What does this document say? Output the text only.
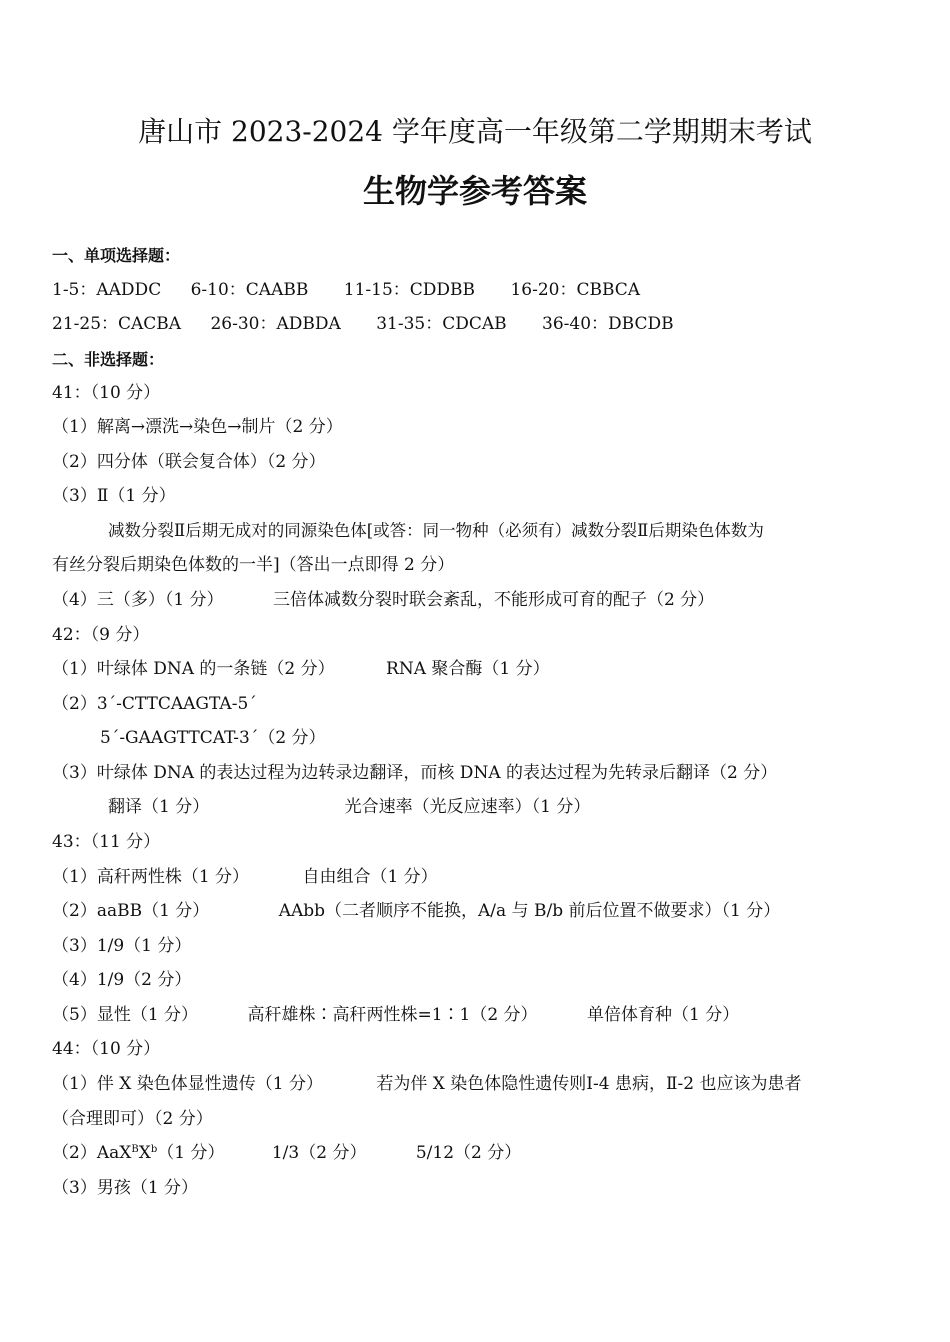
唐山市 2023-2024 学年度高一年级第二学期期末考试
生物学参考答案
一、单项选择题：
1-5：AADDC 6-10：CAABB 11-15：CDDBB 16-20：CBBCA
21-25：CACBA 26-30：ADBDA 31-35：CDCAB 36-40：DBCDB
二、非选择题：
41：（10 分）
（1）解离→漂洗→染色→制片（2 分）
（2）四分体（联会复合体）（2 分）
（3）Ⅱ（1 分）
减数分裂Ⅱ后期无成对的同源染色体[或答：同一物种（必须有）减数分裂Ⅱ后期染色体数为
有丝分裂后期染色体数的一半]（答出一点即得 2 分）
（4）三（多）（1 分）	三倍体减数分裂时联会紊乱，不能形成可育的配子（2 分）
42：（9 分）
（1）叶绿体 DNA 的一条链（2 分）	RNA 聚合酶（1 分）
（2）3´-CTTCAAGTA-5´
5´-GAAGTTCAT-3´（2 分）
（3）叶绿体 DNA 的表达过程为边转录边翻译，而核 DNA 的表达过程为先转录后翻译（2 分）
翻译（1 分）	光合速率（光反应速率）（1 分）
43：（11 分）
（1）高秆两性株（1 分）	自由组合（1 分）
（2）aaBB（1 分）	AAbb（二者顺序不能换，A/a 与 B/b 前后位置不做要求）（1 分）
（3）1/9（1 分）
（4）1/9（2 分）
（5）显性（1 分）	高秆雄株∶高秆两性株=1∶1（2 分）	单倍体育种（1 分）
44：（10 分）
（1）伴 X 染色体显性遗传（1 分）	若为伴 X 染色体隐性遗传则Ⅰ-4 患病，Ⅱ-2 也应该为患者
（合理即可）（2 分）
$(2)AaX^BX^b(1$ 分）	1/3（2 分）	5/12（2 分）
（3）男孩（1 分）
